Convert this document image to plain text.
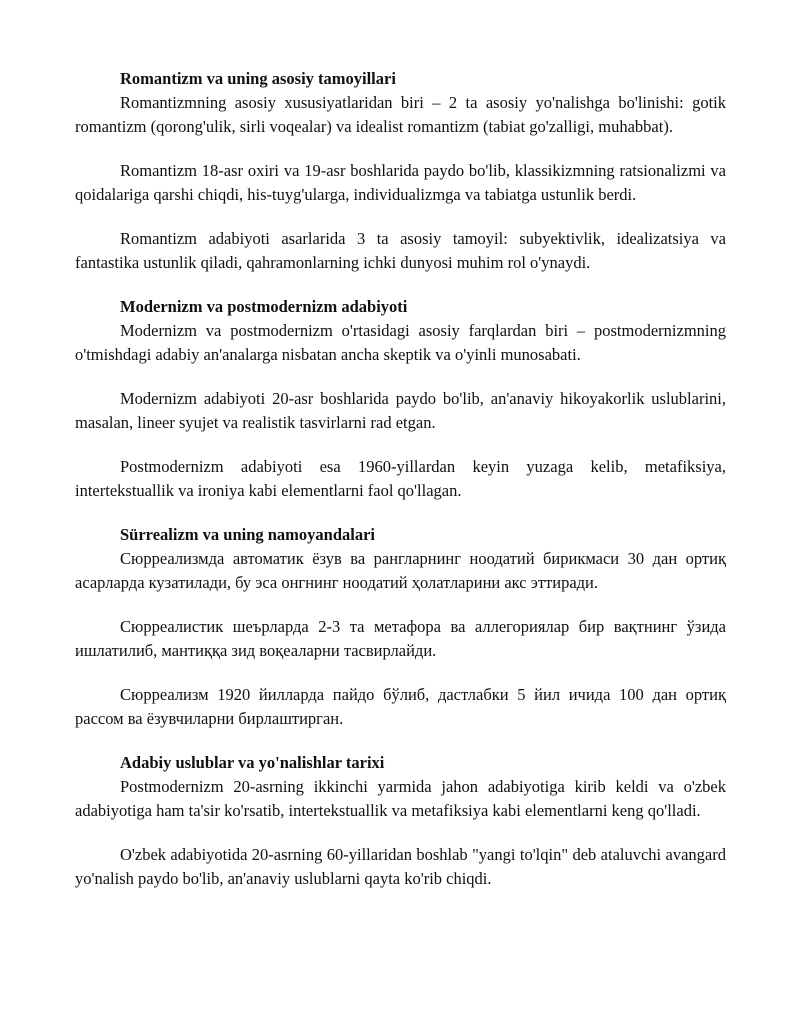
Romantizm va uning asosiy tamoyillari

Romantizmning asosiy xususiyatlaridan biri – 2 ta asosiy yo'nalishga bo'linishi: gotik romantizm (qorong'ulik, sirli voqealar) va idealist romantizm (tabiat go'zalligi, muhabbat).

Romantizm 18-asr oxiri va 19-asr boshlarida paydo bo'lib, klassikizmning ratsionalizmi va qoidalariga qarshi chiqdi, his-tuyg'ularga, individualizmga va tabiatga ustunlik berdi.

Romantizm adabiyoti asarlarida 3 ta asosiy tamoyil: subyektivlik, idealizatsiya va fantastika ustunlik qiladi, qahramonlarning ichki dunyosi muhim rol o'ynaydi.

Modernizm va postmodernizm adabiyoti

Modernizm va postmodernizm o'rtasidagi asosiy farqlardan biri – postmodernizmning o'tmishdagi adabiy an'analarga nisbatan ancha skeptik va o'yinli munosabati.

Modernizm adabiyoti 20-asr boshlarida paydo bo'lib, an'anaviy hikoyakorlik uslublarini, masalan, lineer syujet va realistik tasvirlarni rad etgan.

Postmodernizm adabiyoti esa 1960-yillardan keyin yuzaga kelib, metafiksiya, intertekstuallik va ironiya kabi elementlarni faol qo'llagan.

Sürrealizm va uning namoyandalari

Сюрреализмда автоматик ёзув ва рангларнинг ноодатий бирикмаси 30 дан ортиқ асарларда кузатилади, бу эса онгнинг ноодатий ҳолатларини акс эттиради.

Сюрреалистик шеърларда 2-3 та метафора ва аллегориялар бир вақтнинг ўзида ишлатилиб, мантиққа зид воқеаларни тасвирлайди.

Сюрреализм 1920 йилларда пайдо бўлиб, дастлабки 5 йил ичида 100 дан ортиқ рассом ва ёзувчиларни бирлаштирган.

Adabiy uslublar va yo'nalishlar tarixi

Postmodernizm 20-asrning ikkinchi yarmida jahon adabiyotiga kirib keldi va o'zbek adabiyotiga ham ta'sir ko'rsatib, intertekstuallik va metafiksiya kabi elementlarni keng qo'lladi.

O'zbek adabiyotida 20-asrning 60-yillaridan boshlab "yangi to'lqin" deb ataluvchi avangard yo'nalish paydo bo'lib, an'anaviy uslublarni qayta ko'rib chiqdi.
